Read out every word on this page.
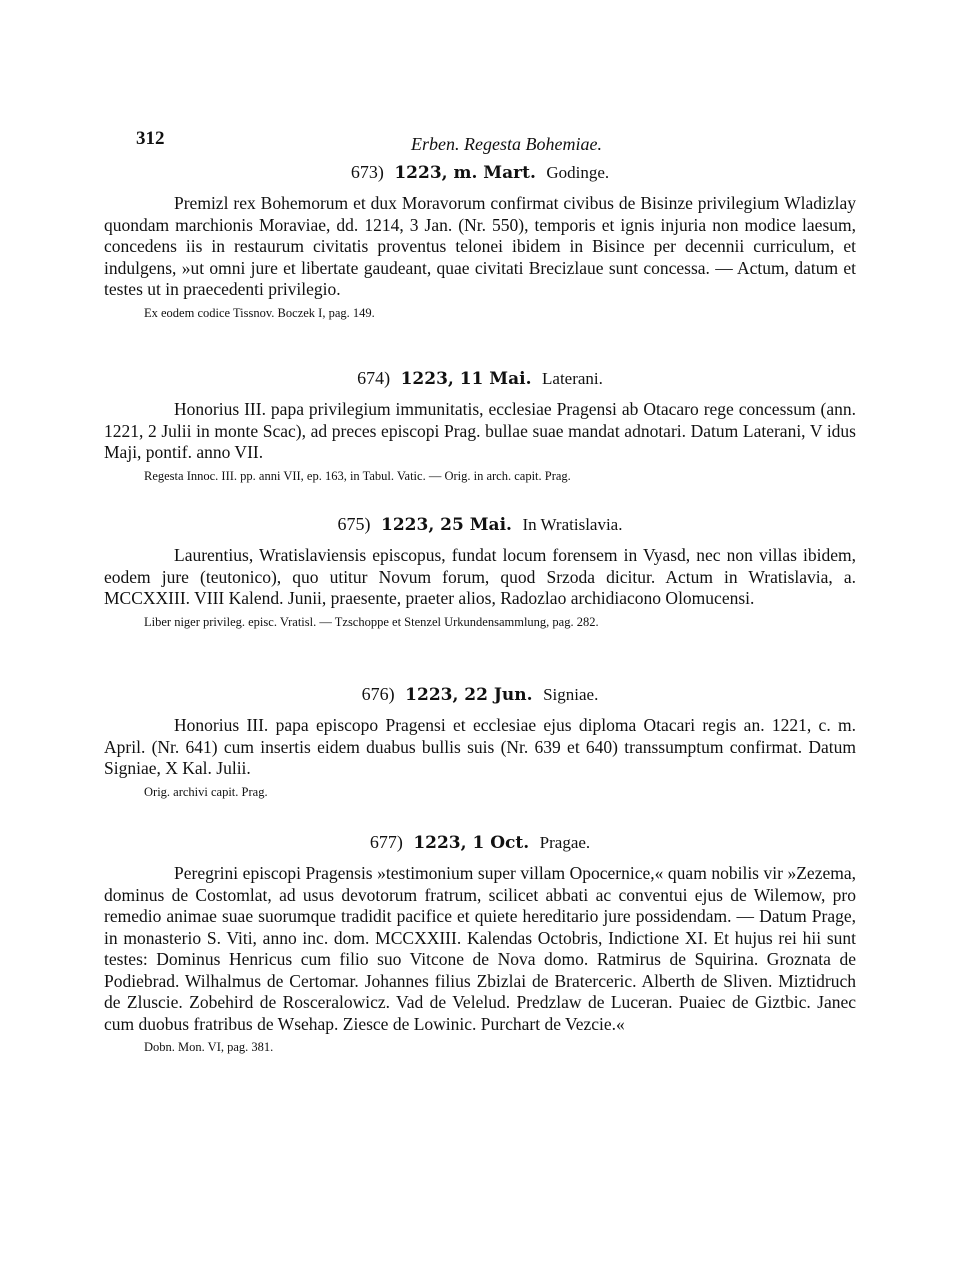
312	Erben. Regesta Bohemiae.
673) 1223, m. Mart. Godinge.

Premizl rex Bohemorum et dux Moravorum confirmat civibus de Bisinze privilegium Wladizlay quondam marchionis Moraviae, dd. 1214, 3 Jan. (Nr. 550), temporis et ignis injuria non modice laesum, concedens iis in restaurum civitatis proventus telonei ibidem in Bisince per decennii curriculum, et indulgens, »ut omni jure et libertate gaudeant, quae civitati Brecizlaue sunt concessa. — Actum, datum et testes ut in praecedenti privilegio.

Ex eodem codice Tissnov. Boczek I, pag. 149.
674) 1223, 11 Mai. Laterani.

Honorius III. papa privilegium immunitatis, ecclesiae Pragensi ab Otacaro rege concessum (ann. 1221, 2 Julii in monte Scac), ad preces episcopi Prag. bullae suae mandat adnotari. Datum Laterani, V idus Maji, pontif. anno VII.

Regesta Innoc. III. pp. anni VII, ep. 163, in Tabul. Vatic. — Orig. in arch. capit. Prag.
675) 1223, 25 Mai. In Wratislavia.

Laurentius, Wratislaviensis episcopus, fundat locum forensem in Vyasd, nec non villas ibidem, eodem jure (teutonico), quo utitur Novum forum, quod Srzoda dicitur. Actum in Wratislavia, a. MCCXXIII. VIII Kalend. Junii, praesente, praeter alios, Radozlao archidiacono Olomucensi.

Liber niger privileg. episc. Vratisl. — Tzschoppe et Stenzel Urkundensammlung, pag. 282.
676) 1223, 22 Jun. Signiae.

Honorius III. papa episcopo Pragensi et ecclesiae ejus diploma Otacari regis an. 1221, c. m. April. (Nr. 641) cum insertis eidem duabus bullis suis (Nr. 639 et 640) transsumptum confirmat. Datum Signiae, X Kal. Julii.

Orig. archivi capit. Prag.
677) 1223, 1 Oct. Pragae.

Peregrini episcopi Pragensis »testimonium super villam Opocernice,« quam nobilis vir »Zezema, dominus de Costomlat, ad usus devotorum fratrum, scilicet abbati ac conventui ejus de Wilemow, pro remedio animae suae suorumque tradidit pacifice et quiete hereditario jure possidendam. — Datum Prage, in monasterio S. Viti, anno inc. dom. MCCXXIII. Kalendas Octobris, Indictione XI. Et hujus rei hii sunt testes: Dominus Henricus cum filio suo Vitcone de Nova domo. Ratmirus de Squirina. Groznata de Podiebrad. Wilhalmus de Certomar. Johannes filius Zbizlai de Braterceric. Alberth de Sliven. Miztidruch de Zluscie. Zobehird de Rosceralowicz. Vad de Velelud. Predzlaw de Luceran. Puaiec de Giztbic. Janec cum duobus fratribus de Wsehap. Ziesce de Lowinic. Purchart de Vezcie.«

Dobn. Mon. VI, pag. 381.
